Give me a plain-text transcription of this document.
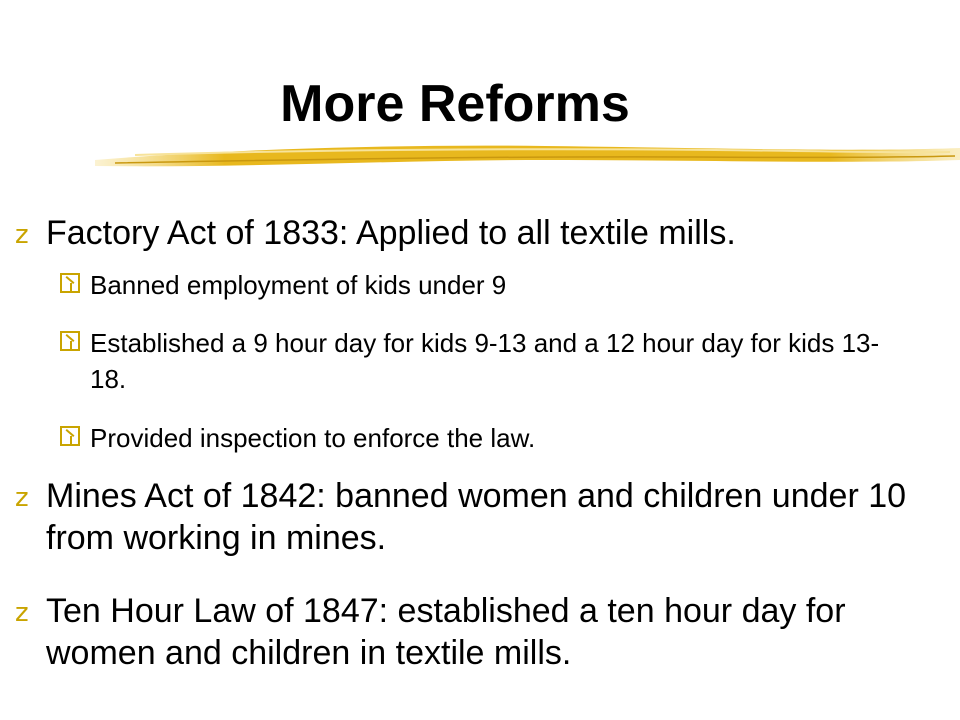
More Reforms
z Factory Act of 1833: Applied to all textile mills.
Banned employment of kids under 9
Established a 9 hour day for kids 9-13 and a 12 hour day for kids 13-18.
Provided inspection to enforce the law.
z Mines Act of 1842: banned women and children under 10 from working in mines.
z Ten Hour Law of 1847: established a ten hour day for women and children in textile mills.
